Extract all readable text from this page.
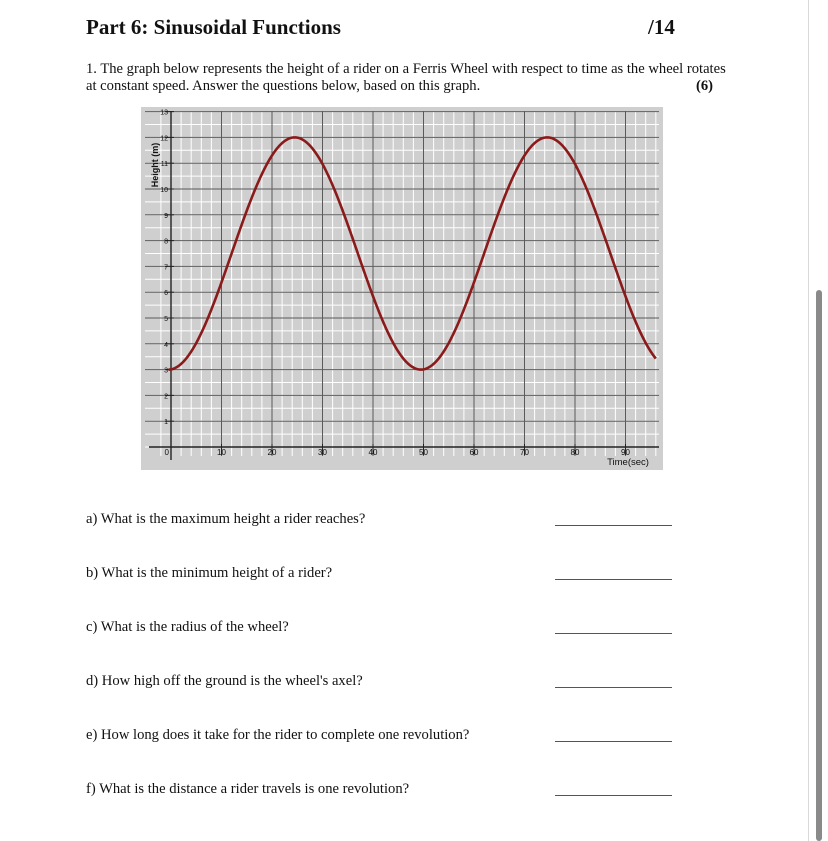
Part 6: Sinusoidal Functions	/14
1. The graph below represents the height of a rider on a Ferris Wheel with respect to time as the wheel rotates at constant speed. Answer the questions below, based on this graph.	(6)
0	10	20	30	40	50	60	70	80	90
1
2
3
4
5
6
7
8
9
10
11
12
13
Height (m)
Time(sec)
a) What is the maximum height a rider reaches?
b) What is the minimum height of a rider?
c) What is the radius of the wheel?
d) How high off the ground is the wheel's axel?
e) How long does it take for the rider to complete one revolution?
f) What is the distance a rider travels is one revolution?
